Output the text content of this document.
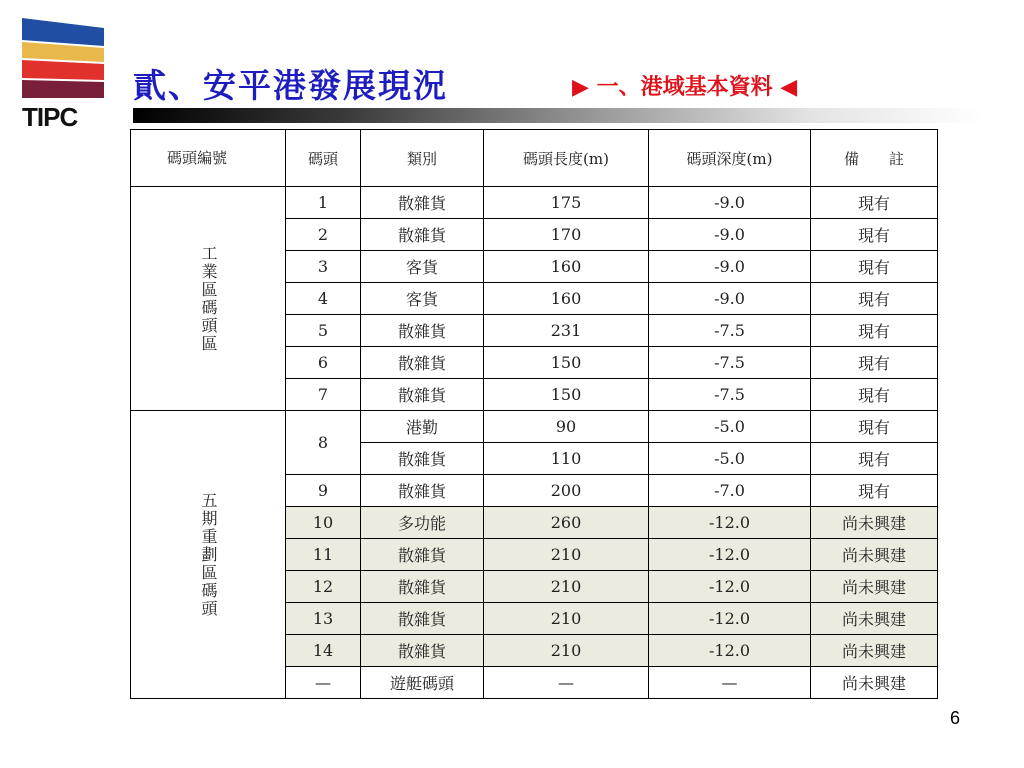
TIPC
貳、安平港發展現況	▶ 一、港域基本資料 ◀
碼頭編號	碼頭	類別	碼頭長度(m)	碼頭深度(m)	備　　註

工業區碼頭區	1	散雜貨	175	-9.0	現有
	2	散雜貨	170	-9.0	現有
	3	客貨	160	-9.0	現有
	4	客貨	160	-9.0	現有
	5	散雜貨	231	-7.5	現有
	6	散雜貨	150	-7.5	現有
	7	散雜貨	150	-7.5	現有

五期重劃區碼頭	8	港勤	90	-5.0	現有
		散雜貨	110	-5.0	現有
	9	散雜貨	200	-7.0	現有
	10	多功能	260	-12.0	尚未興建
	11	散雜貨	210	-12.0	尚未興建
	12	散雜貨	210	-12.0	尚未興建
	13	散雜貨	210	-12.0	尚未興建
	14	散雜貨	210	-12.0	尚未興建
	—	遊艇碼頭	—	—	尚未興建
6
